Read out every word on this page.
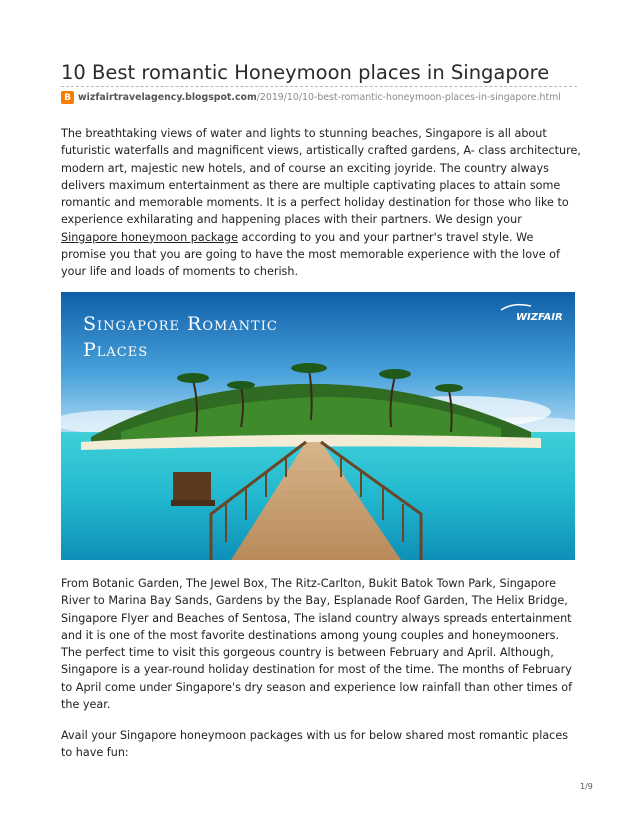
10 Best romantic Honeymoon places in Singapore
B wizfairtravelagency.blogspot.com /2019/10/10-best-romantic-honeymoon-places-in-singapore.html
The breathtaking views of water and lights to stunning beaches, Singapore is all about
futuristic waterfalls and magnificent views, artistically crafted gardens, A- class architecture,
modern art, majestic new hotels, and of course an exciting joyride. The country always
delivers maximum entertainment as there are multiple captivating places to attain some
romantic and memorable moments. It is a perfect holiday destination for those who like to
experience exhilarating and happening places with their partners. We design your
Singapore honeymoon package according to you and your partner's travel style. We
promise you that you are going to have the most memorable experience with the love of
your life and loads of moments to cherish.
Singapore Romantic
Places
WIZFAIR
From Botanic Garden, The Jewel Box, The Ritz-Carlton, Bukit Batok Town Park, Singapore
River to Marina Bay Sands, Gardens by the Bay, Esplanade Roof Garden, The Helix Bridge,
Singapore Flyer and Beaches of Sentosa, The island country always spreads entertainment
and it is one of the most favorite destinations among young couples and honeymooners.
The perfect time to visit this gorgeous country is between February and April. Although,
Singapore is a year-round holiday destination for most of the time. The months of February
to April come under Singapore's dry season and experience low rainfall than other times of
the year.
Avail your Singapore honeymoon packages with us for below shared most romantic places
to have fun:
1/9
